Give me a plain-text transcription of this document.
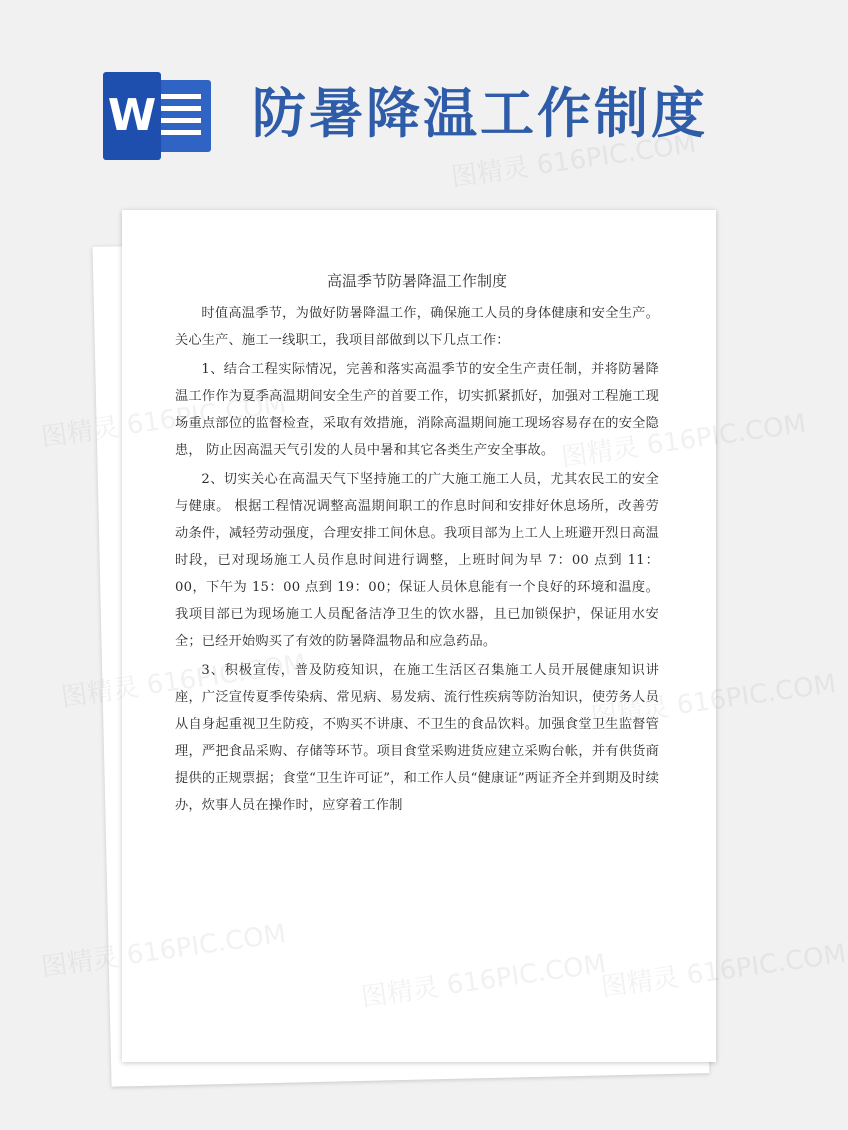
W 防暑降温工作制度
高温季节防暑降温工作制度

时值高温季节，为做好防暑降温工作，确保施工人员的身体健康和安全生产。关心生产、施工一线职工，我项目部做到以下几点工作：

1、结合工程实际情况，完善和落实高温季节的安全生产责任制，并将防暑降温工作作为夏季高温期间安全生产的首要工作，切实抓紧抓好，加强对工程施工现场重点部位的监督检查，采取有效措施，消除高温期间施工现场容易存在的安全隐患， 防止因高温天气引发的人员中暑和其它各类生产安全事故。

2、切实关心在高温天气下坚持施工的广大施工施工人员，尤其农民工的安全与健康。 根据工程情况调整高温期间职工的作息时间和安排好休息场所，改善劳动条件，减轻劳动强度，合理安排工间休息。我项目部为上工人上班避开烈日高温时段，已对现场施工人员作息时间进行调整，上班时间为早 7：00 点到 11：00，下午为 15：00 点到 19：00；保证人员休息能有一个良好的环境和温度。我项目部已为现场施工人员配备洁净卫生的饮水器，且已加锁保护，保证用水安全；已经开始购买了有效的防暑降温物品和应急药品。

3、积极宣传，普及防疫知识，在施工生活区召集施工人员开展健康知识讲座，广泛宣传夏季传染病、常见病、易发病、流行性疾病等防治知识，使劳务人员从自身起重视卫生防疫，不购买不讲康、不卫生的食品饮料。加强食堂卫生监督管理，严把食品采购、存储等环节。项目食堂采购进货应建立采购台帐，并有供货商提供的正规票据；食堂“卫生许可证”，和工作人员“健康证”两证齐全并到期及时续办，炊事人员在操作时，应穿着工作制

图精灵 616PIC.COM
图精灵	616PIC.COM
图精灵	616PIC.COM
图精灵	图精灵 616PIC.COM
